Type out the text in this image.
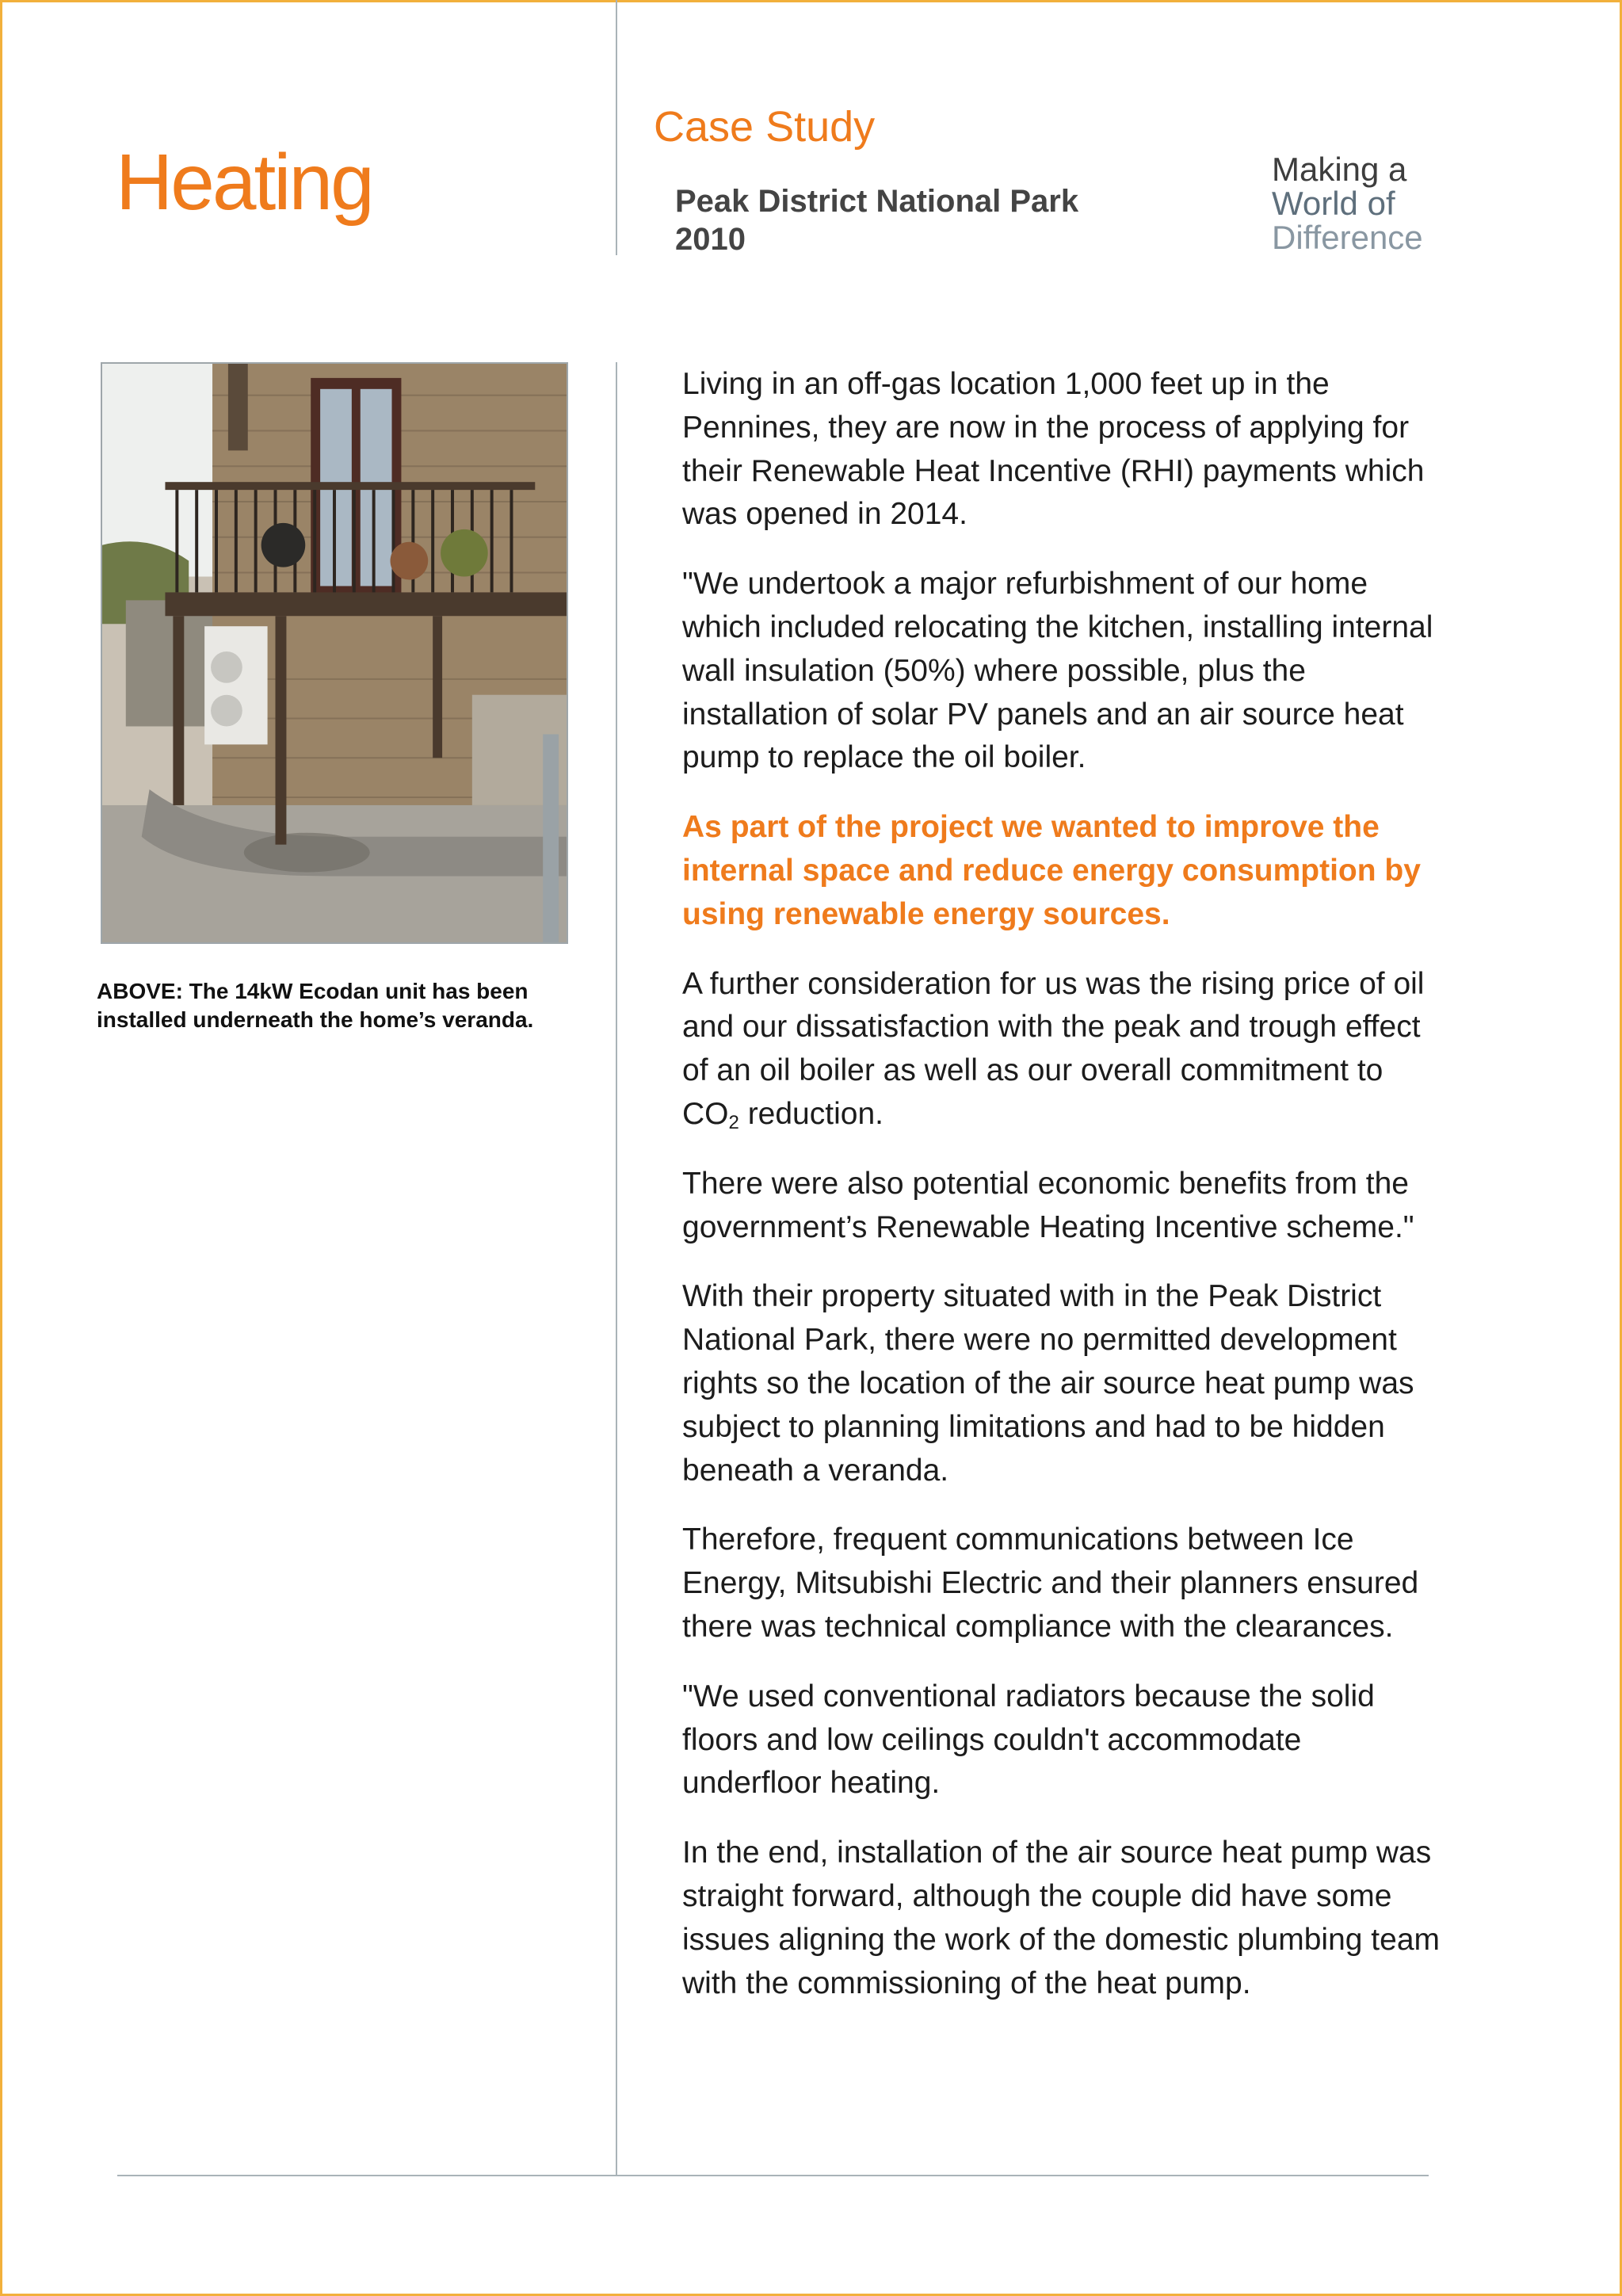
Heating
Case Study
Peak District National Park
2010
Making a
World of
Difference
ABOVE: The 14kW Ecodan unit has been installed underneath the home’s veranda.

Living in an off-gas location 1,000 feet up in the Pennines, they are now in the process of applying for their Renewable Heat Incentive (RHI) payments which was opened in 2014.

"We undertook a major refurbishment of our home which included relocating the kitchen, installing internal wall insulation (50%) where possible, plus the installation of solar PV panels and an air source heat pump to replace the oil boiler.

As part of the project we wanted to improve the internal space and reduce energy consumption by using renewable energy sources.

A further consideration for us was the rising price of oil and our dissatisfaction with the peak and trough effect of an oil boiler as well as our overall commitment to $CO_2$ reduction.

There were also potential economic benefits from the government’s Renewable Heating Incentive scheme."

With their property situated with in the Peak District National Park, there were no permitted development rights so the location of the air source heat pump was subject to planning limitations and had to be hidden beneath a veranda.

Therefore, frequent communications between Ice Energy, Mitsubishi Electric and their planners ensured there was technical compliance with the clearances.

"We used conventional radiators because the solid floors and low ceilings couldn't accommodate underfloor heating.

In the end, installation of the air source heat pump was straight forward, although the couple did have some issues aligning the work of the domestic plumbing team with the commissioning of the heat pump.
